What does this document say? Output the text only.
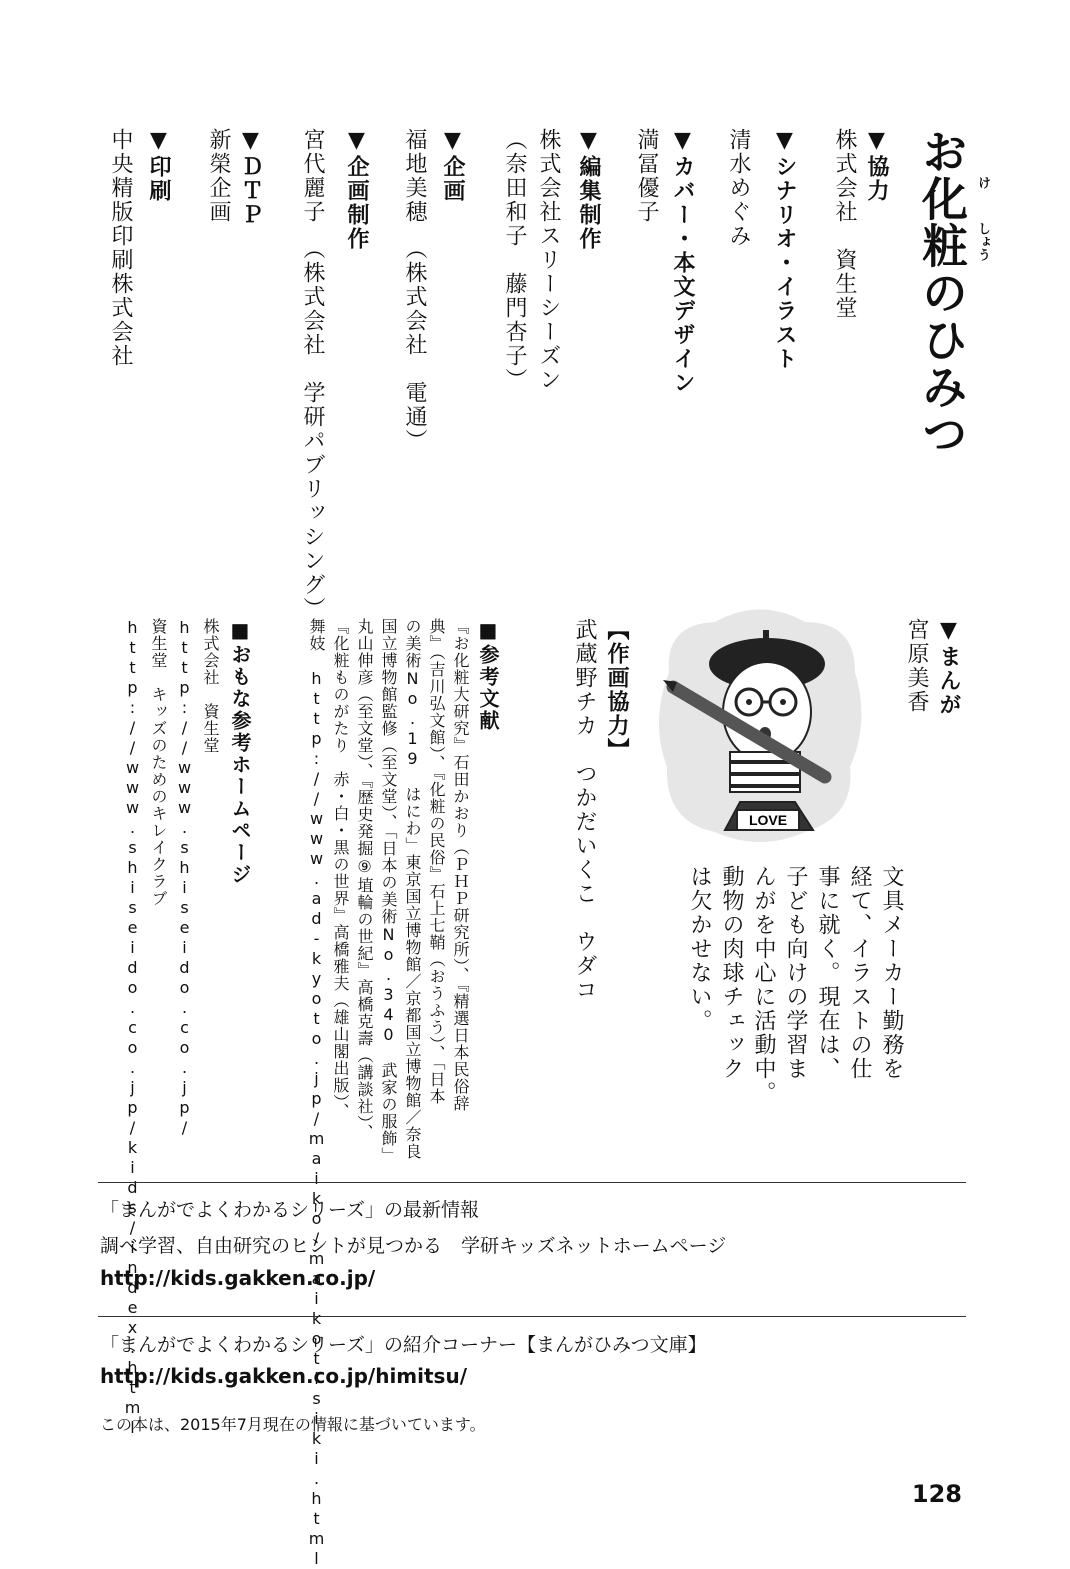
お化粧のひみつ け
しょう
▼協力
株式会社　資生堂
▼シナリオ・イラスト
清水めぐみ
▼カバー・本文デザイン
満冨優子
▼編集制作
株式会社スリーシーズン
（奈田和子　藤門杏子）
▼企画
福地美穂　（株式会社　電通）
▼企画制作
宮代麗子　（株式会社　学研パブリッシング）
▼ＤＴＰ
新榮企画
▼印刷
中央精版印刷株式会社
▼まんが
宮原美香
LOVE
文具メーカー勤務を
経て、イラストの仕
事に就く。現在は、
子ども向けの学習ま
んがを中心に活動中。
動物の肉球チェック
は欠かせない。
【作画協力】
武蔵野チカ　つかだいくこ　ウダコ
■参考文献
『お化粧大研究』石田かおり（ＰＨＰ研究所）、『精選日本民俗辞
典』（吉川弘文館）、『化粧の民俗』石上七鞘（おうふう）、「日本
の美術No.19　はにわ」東京国立博物館／京都国立博物館／奈良
国立博物館監修（至文堂）、「日本の美術No.340　武家の服飾」
丸山伸彦（至文堂）、『歴史発掘⑨埴輪の世紀』高橋克壽（講談社）、
『化粧ものがたり　赤・白・黒の世界』高橋雅夫（雄山閣出版）、
舞妓　http://www.ad-kyoto.jp/maiko/maikotisiki.html
■おもな参考ホームページ
株式会社　資生堂
http://www.shiseido.co.jp/
資生堂　キッズのためのキレイクラブ
http://www.shiseido.co.jp/kids/index.html
「まんがでよくわかるシリーズ」の最新情報
調べ学習、自由研究のヒントが見つかる　学研キッズネットホームページ
http://kids.gakken.co.jp/
「まんがでよくわかるシリーズ」の紹介コーナー【まんがひみつ文庫】
http://kids.gakken.co.jp/himitsu/
この本は、2015年7月現在の情報に基づいています。
128
